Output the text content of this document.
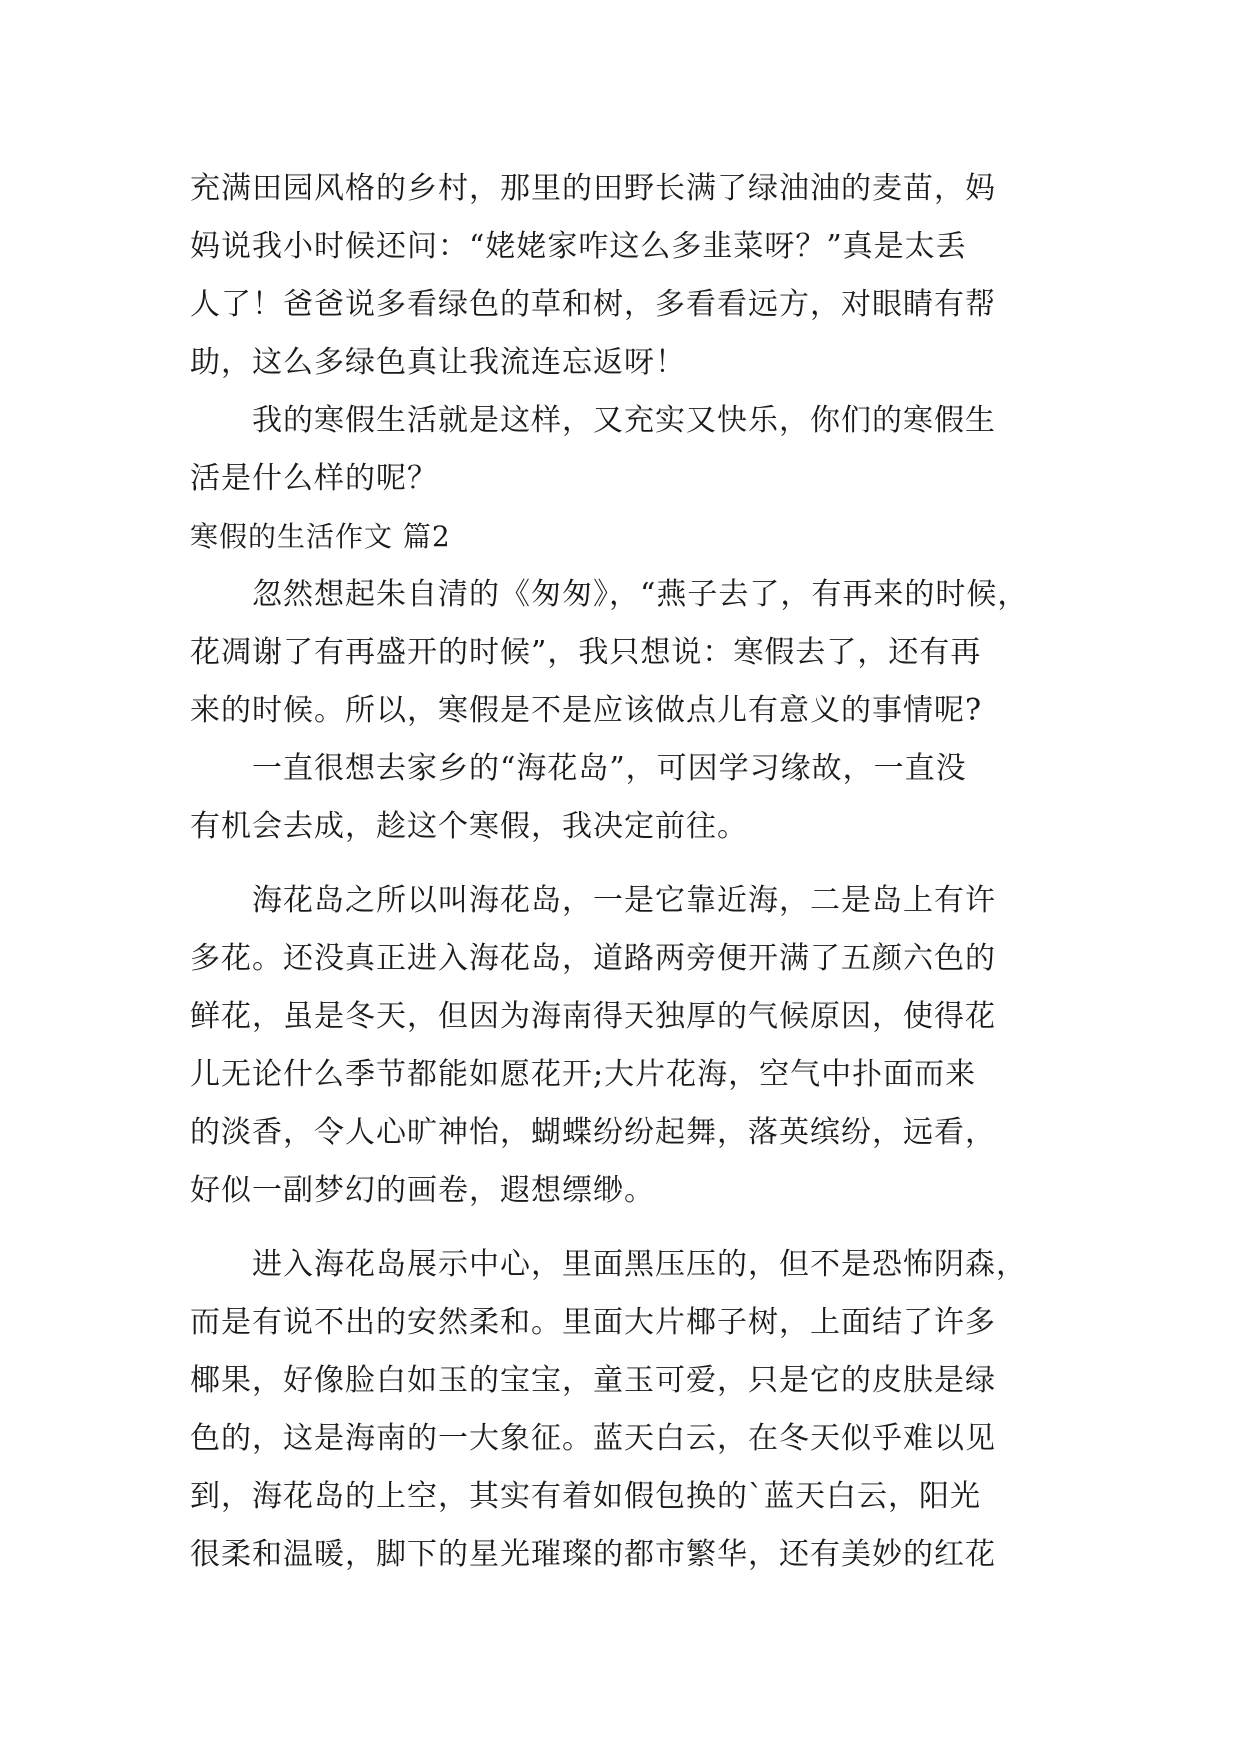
充满田园风格的乡村，那里的田野长满了绿油油的麦苗，妈
妈说我小时候还问：“姥姥家咋这么多韭菜呀？”真是太丢
人了！爸爸说多看绿色的草和树，多看看远方，对眼睛有帮
助，这么多绿色真让我流连忘返呀！
我的寒假生活就是这样，又充实又快乐，你们的寒假生
活是什么样的呢？
寒假的生活作文 篇2
忽然想起朱自清的《匆匆》，“燕子去了，有再来的时候，
花凋谢了有再盛开的时候”，我只想说：寒假去了，还有再
来的时候。所以，寒假是不是应该做点儿有意义的事情呢?
一直很想去家乡的“海花岛”，可因学习缘故，一直没
有机会去成，趁这个寒假，我决定前往。
海花岛之所以叫海花岛，一是它靠近海，二是岛上有许
多花。还没真正进入海花岛，道路两旁便开满了五颜六色的
鲜花，虽是冬天，但因为海南得天独厚的气候原因，使得花
儿无论什么季节都能如愿花开;大片花海，空气中扑面而来
的淡香，令人心旷神怡，蝴蝶纷纷起舞，落英缤纷，远看，
好似一副梦幻的画卷，遐想缥缈。
进入海花岛展示中心，里面黑压压的，但不是恐怖阴森，
而是有说不出的安然柔和。里面大片椰子树，上面结了许多
椰果，好像脸白如玉的宝宝，童玉可爱，只是它的皮肤是绿
色的，这是海南的一大象征。蓝天白云，在冬天似乎难以见
到，海花岛的上空，其实有着如假包换的`蓝天白云，阳光
很柔和温暖，脚下的星光璀璨的都市繁华，还有美妙的红花
